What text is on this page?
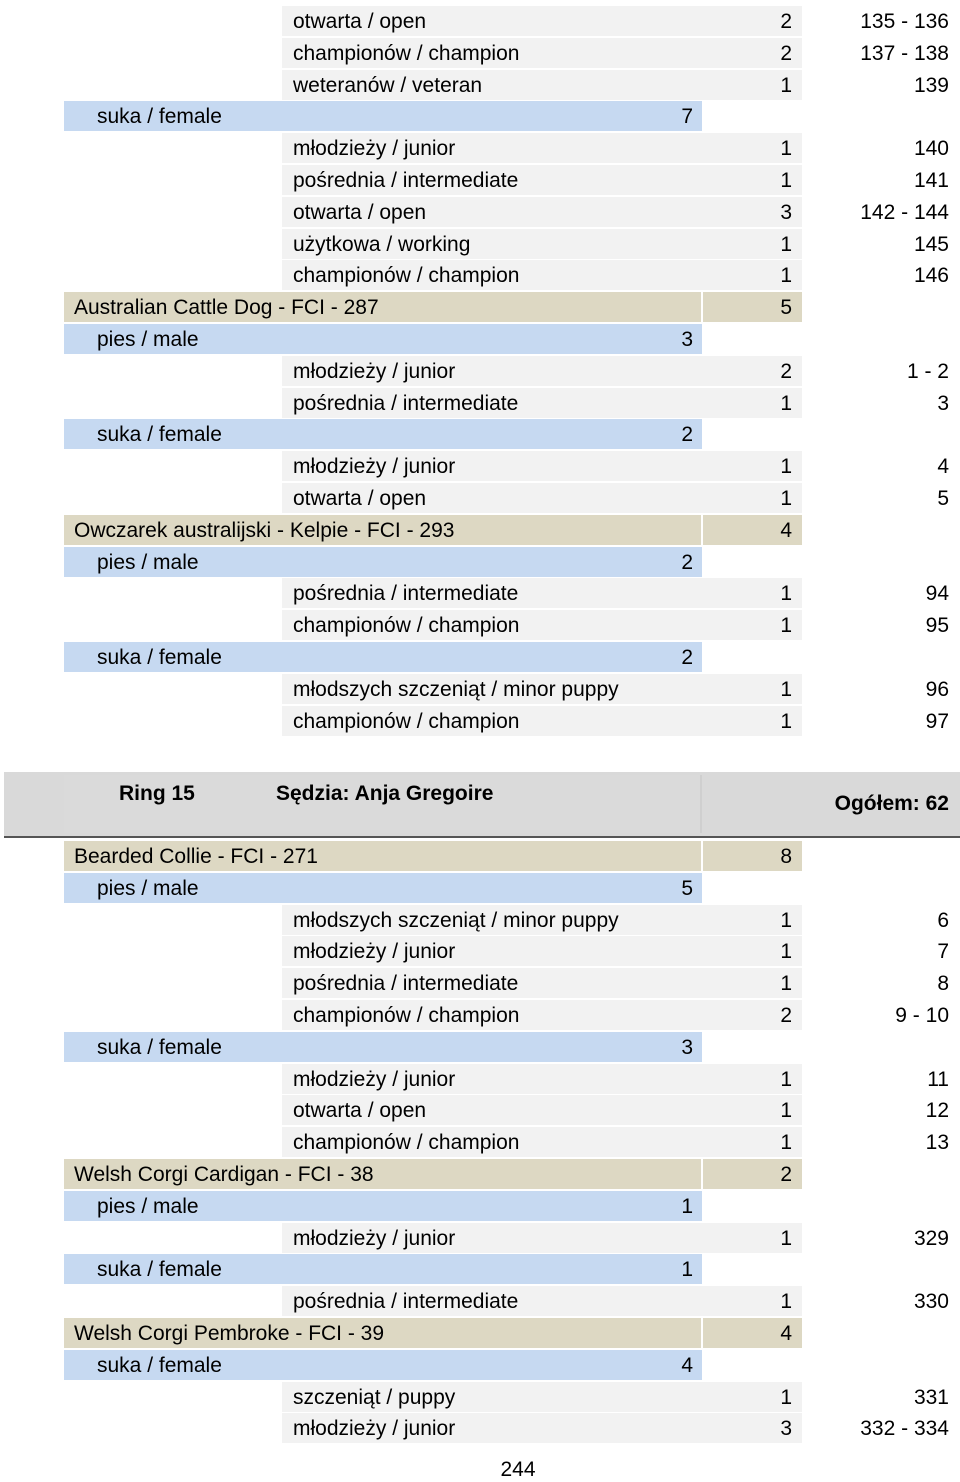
otwarta / open	2	135 - 136
championów / champion	2	137 - 138
weteranów / veteran	1	139
suka / female	7
młodzieży / junior	1	140
pośrednia / intermediate	1	141
otwarta / open	3	142 - 144
użytkowa / working	1	145
championów / champion	1	146
Australian Cattle Dog - FCI - 287	5
pies / male	3
młodzieży / junior	2	1 - 2
pośrednia / intermediate	1	3
suka / female	2
młodzieży / junior	1	4
otwarta / open	1	5
Owczarek australijski - Kelpie - FCI - 293	4
pies / male	2
pośrednia / intermediate	1	94
championów / champion	1	95
suka / female	2
młodszych szczeniąt / minor puppy	1	96
championów / champion	1	97
Ring 15	Sędzia: Anja Gregoire	Ogółem: 62
Bearded Collie - FCI - 271	8
pies / male	5
młodszych szczeniąt / minor puppy	1	6
młodzieży / junior	1	7
pośrednia / intermediate	1	8
championów / champion	2	9 - 10
suka / female	3
młodzieży / junior	1	11
otwarta / open	1	12
championów / champion	1	13
Welsh Corgi Cardigan - FCI - 38	2
pies / male	1
młodzieży / junior	1	329
suka / female	1
pośrednia / intermediate	1	330
Welsh Corgi Pembroke - FCI - 39	4
suka / female	4
szczeniąt / puppy	1	331
młodzieży / junior	3	332 - 334
244
